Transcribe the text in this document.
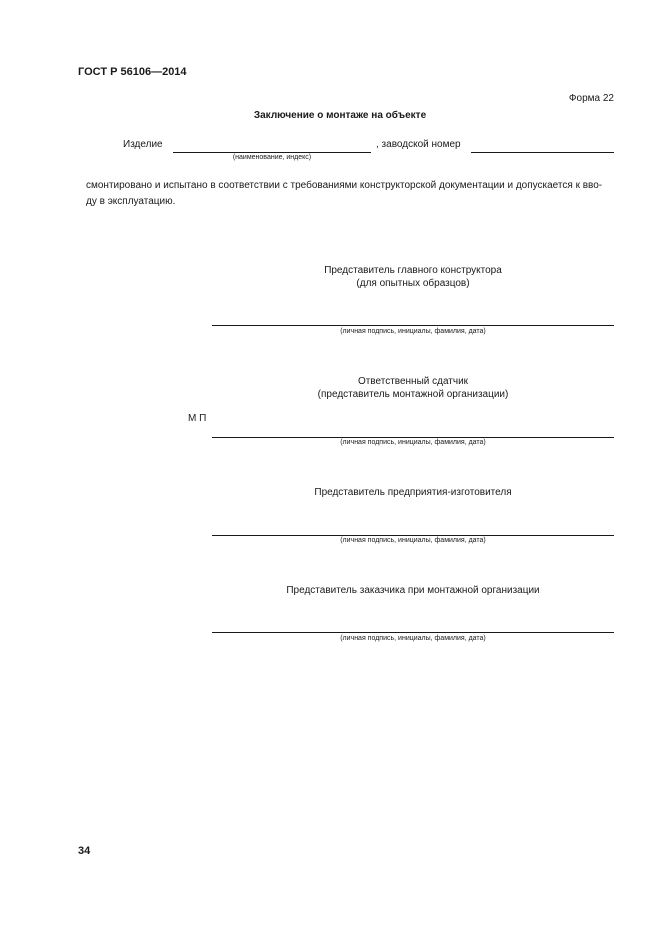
ГОСТ Р 56106—2014
Форма 22
Заключение о монтаже на объекте
Изделие
(наименование, индекс)
, заводской номер
смонтировано и испытано в соответствии с требованиями конструкторской документации и допускается к вво- ду в эксплуатацию.
Представитель главного конструктора
(для опытных образцов)
(личная подпись, инициалы, фамилия, дата)
Ответственный сдатчик
(представитель монтажной организации)
М П
(личная подпись, инициалы, фамилия, дата)
Представитель предприятия-изготовителя
(личная подпись, инициалы, фамилия, дата)
Представитель заказчика при монтажной организации
(личная подпись, инициалы, фамилия, дата)
34
